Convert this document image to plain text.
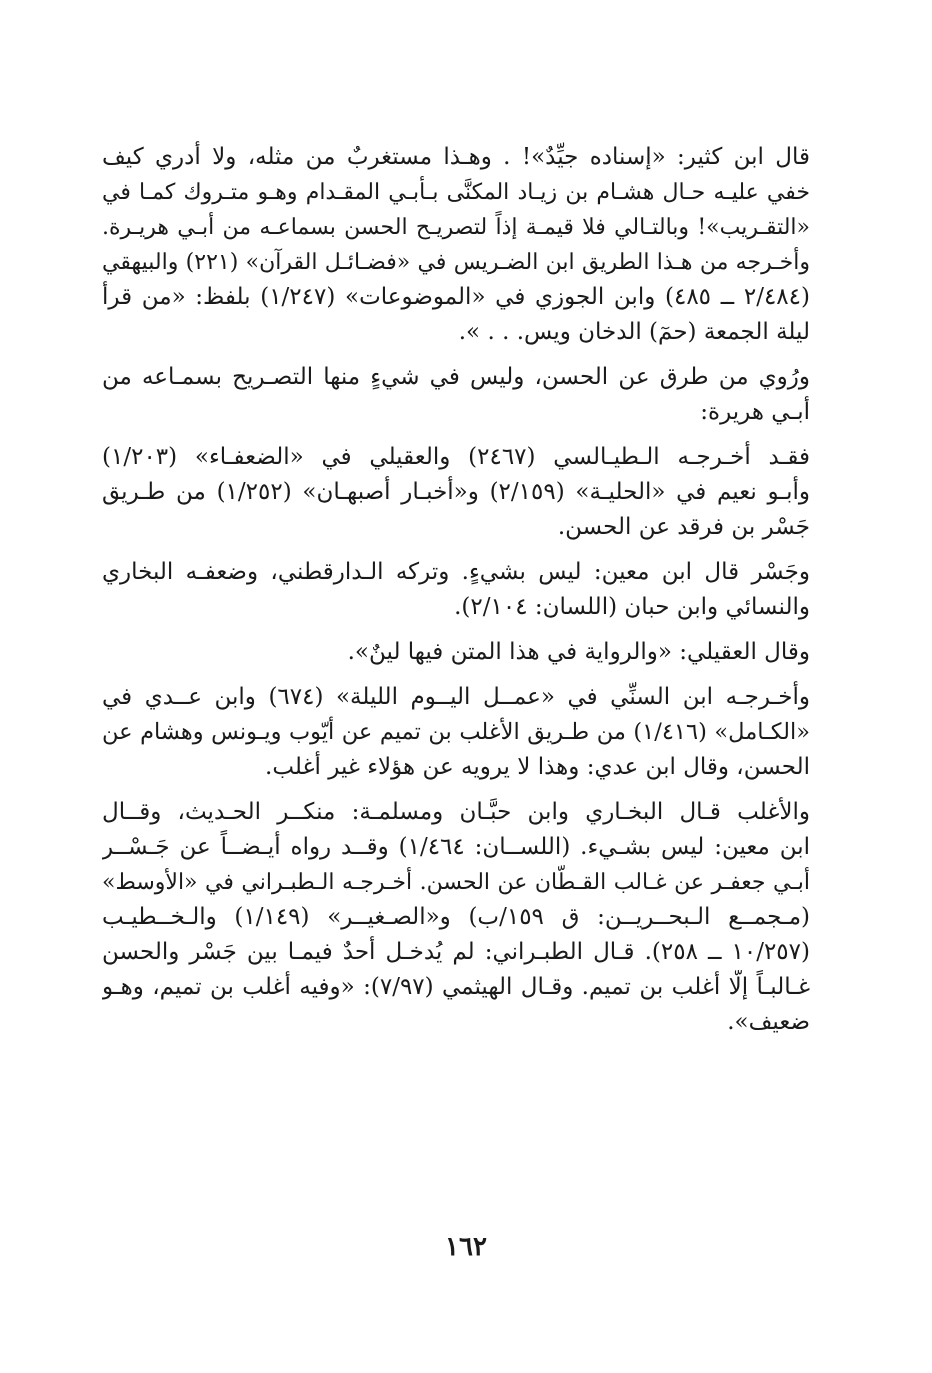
قال ابن كثير: «إسناده جيِّدٌ»! . وهـذا مستغربٌ من مثله، ولا أدري كيف
خفي عليـه حـال هشـام بن زيـاد المكنَّى بـأبـي المقـدام وهـو متـروك كمـا في
«التقـريب»! وبالتـالي فلا قيمـة إذاً لتصريـح الحسن بسماعـه من أبـي هريـرة.
وأخـرجه من هـذا الطريق ابن الضـريس في «فضـائـل القرآن» (٢٢١) والبيهقي
(٢/٤٨٤ ــ ٤٨٥) وابن الجوزي في «الموضوعات» (١/٢٤٧) بلفظ: «من قرأ
ليلة الجمعة (حمٓ) الدخان ويس. . . ».
ورُوي من طرق عن الحسن، وليس في شيءٍ منها التصـريح بسمـاعه من
أبـي هريرة:
فقـد أخـرجـه الـطيـالسي (٢٤٦٧) والعقيلي في «الضعفـاء» (١/٢٠٣)
وأبـو نعيم في «الحليـة» (٢/١٥٩) و«أخبـار أصبهـان» (١/٢٥٢) من طـريق
جَسْر بن فرقد عن الحسن.
وجَسْر قال ابن معين: ليس بشيءٍ. وتركه الـدارقطني، وضعفـه البخاري
والنسائي وابن حبان (اللسان: ٢/١٠٤).
وقال العقيلي: «والرواية في هذا المتن فيها لينٌ».
وأخـرجـه ابن السنِّي في «عمــل اليــوم الليلة» (٦٧٤) وابن عــدي في
«الكـامل» (١/٤١٦) من طـريق الأغلب بن تميم عن أيّوب ويـونس وهشام عن
الحسن، وقال ابن عدي: وهذا لا يرويه عن هؤلاء غير أغلب.
والأغلب قـال البخـاري وابن حبَّـان ومسلمـة: منكــر الحـديث، وقــال
ابن معين: ليس بشـيء. (اللســان: ١/٤٦٤) وقــد رواه أيـضــاً عن جَـسْــر
أبـي جعفـر عن غـالب القـطّان عن الحسن. أخـرجـه الـطبـراني في «الأوسط»
(مـجمــع الـبحــريــن: ق ١٥٩/ب) و«الصـغيــر» (١/١٤٩) والـخــطيـب
(١٠/٢٥٧ ــ ٢٥٨). قـال الطبـراني: لم يُدخـل أحدٌ فيمـا بين جَسْر والحسن
غـالبـاً إلَّا أغلب بن تميم. وقـال الهيثمي (٧/٩٧): «وفيه أغلب بن تميم، وهـو
ضعيف».
١٦٢
